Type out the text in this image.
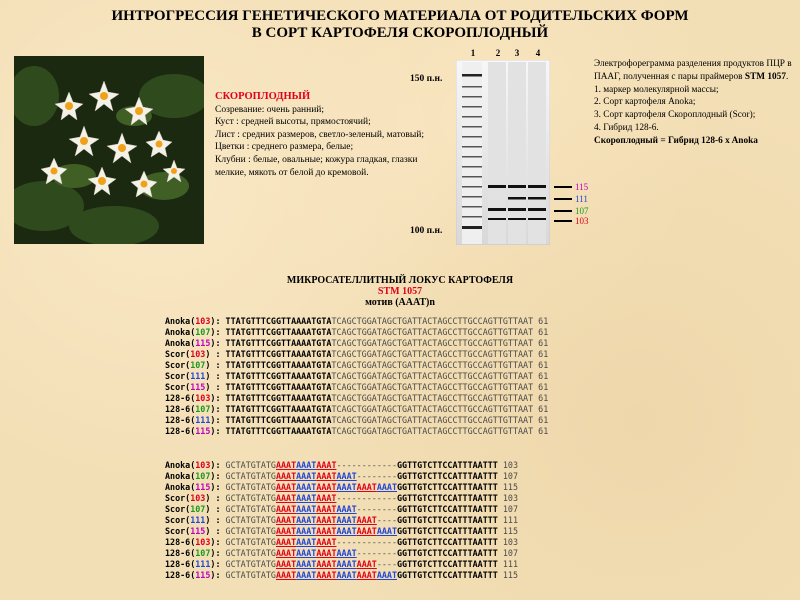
ИНТРОГРЕССИЯ ГЕНЕТИЧЕСКОГО МАТЕРИАЛА ОТ РОДИТЕЛЬСКИХ ФОРМ
В СОРТ КАРТОФЕЛЯ СКОРОПЛОДНЫЙ
СКОРОПЛОДНЫЙ
Созревание: очень ранний;
Куст : средней высоты, прямостоячий;
Лист : средних размеров, светло-зеленый, матовый;
Цветки : среднего размера, белые;
Клубни : белые, овальные; кожура гладкая, глазки мелкие, мякоть от белой до кремовой.
1	2	3	4
150 п.н.
100 п.н.
115
111
107
103
Электрофореграмма разделения продуктов ПЦР в ПААГ, полученная с пары праймеров STM 1057.
1. маркер молекулярной массы;
2. Сорт картофеля Anoka;
3. Сорт картофеля Скороплодный (Scor);
4. Гибрид 128-6.
Скороплодный = Гибрид 128-6 x Anoka
МИКРОСАТЕЛЛИТНЫЙ ЛОКУС КАРТОФЕЛЯ
STM 1057
мотив (АААТ)n
Anoka(103): TTATGTTTCGGTTAAAATGTATCAGCTGGATAGCTGATTACTAGCCTTGCCAGTTGTTAAT 61
Anoka(107): TTATGTTTCGGTTAAAATGTATCAGCTGGATAGCTGATTACTAGCCTTGCCAGTTGTTAAT 61
Anoka(115): TTATGTTTCGGTTAAAATGTATCAGCTGGATAGCTGATTACTAGCCTTGCCAGTTGTTAAT 61
Scor(103) : TTATGTTTCGGTTAAAATGTATCAGCTGGATAGCTGATTACTAGCCTTGCCAGTTGTTAAT 61
Scor(107) : TTATGTTTCGGTTAAAATGTATCAGCTGGATAGCTGATTACTAGCCTTGCCAGTTGTTAAT 61
Scor(111) : TTATGTTTCGGTTAAAATGTATCAGCTGGATAGCTGATTACTAGCCTTGCCAGTTGTTAAT 61
Scor(115) : TTATGTTTCGGTTAAAATGTATCAGCTGGATAGCTGATTACTAGCCTTGCCAGTTGTTAAT 61
128-6(103): TTATGTTTCGGTTAAAATGTATCAGCTGGATAGCTGATTACTAGCCTTGCCAGTTGTTAAT 61
128-6(107): TTATGTTTCGGTTAAAATGTATCAGCTGGATAGCTGATTACTAGCCTTGCCAGTTGTTAAT 61
128-6(111): TTATGTTTCGGTTAAAATGTATCAGCTGGATAGCTGATTACTAGCCTTGCCAGTTGTTAAT 61
128-6(115): TTATGTTTCGGTTAAAATGTATCAGCTGGATAGCTGATTACTAGCCTTGCCAGTTGTTAAT 61
Anoka(103): GCTATGTATGAAATAAATAAAT------------GGTTGTCTTCCATTTAATTT 103
Anoka(107): GCTATGTATGAAATAAATAAATAAAT--------GGTTGTCTTCCATTTAATTT 107
Anoka(115): GCTATGTATGAAATAAATAAATAAATAAATAAATGGTTGTCTTCCATTTAATTT 115
Scor(103) : GCTATGTATGAAATAAATAAAT------------GGTTGTCTTCCATTTAATTT 103
Scor(107) : GCTATGTATGAAATAAATAAATAAAT--------GGTTGTCTTCCATTTAATTT 107
Scor(111) : GCTATGTATGAAATAAATAAATAAATAAAT----GGTTGTCTTCCATTTAATTT 111
Scor(115) : GCTATGTATGAAATAAATAAATAAATAAATAAATGGTTGTCTTCCATTTAATTT 115
128-6(103): GCTATGTATGAAATAAATAAAT------------GGTTGTCTTCCATTTAATTT 103
128-6(107): GCTATGTATGAAATAAATAAATAAAT--------GGTTGTCTTCCATTTAATTT 107
128-6(111): GCTATGTATGAAATAAATAAATAAATAAAT----GGTTGTCTTCCATTTAATTT 111
128-6(115): GCTATGTATGAAATAAATAAATAAATAAATAAATGGTTGTCTTCCATTTAATTT 115
